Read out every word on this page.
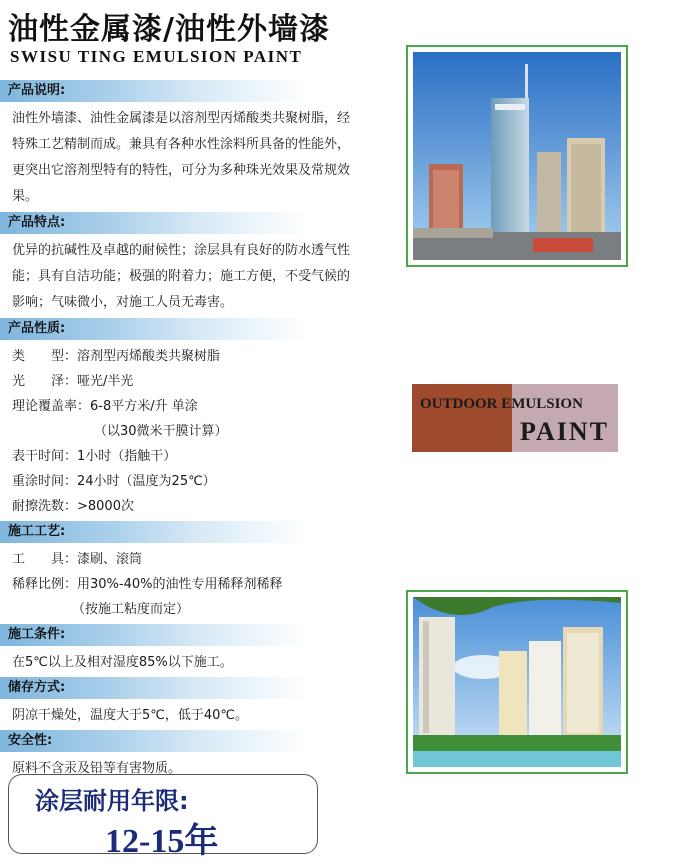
油性金属漆/油性外墙漆
SWISU TING EMULSION PAINT
产品说明:
油性外墙漆、油性金属漆是以溶剂型丙烯酸类共聚树脂，经特殊工艺精制而成。兼具有各种水性涂料所具备的性能外，更突出它溶剂型特有的特性，可分为多种珠光效果及常规效果。
产品特点:
优异的抗碱性及卓越的耐候性；涂层具有良好的防水透气性能；具有自洁功能；极强的附着力；施工方便，不受气候的影响；气味微小，对施工人员无毒害。
产品性质:
类　　型：溶剂型丙烯酸类共聚树脂
光　　泽：哑光/半光
理论覆盖率：6-8平方米/升 单涂
（以30微米干膜计算）
表干时间：1小时（指触干）
重涂时间：24小时（温度为25℃）
耐擦洗数：>8000次
施工工艺:
工　　具：漆刷、滚筒
稀释比例：用30%-40%的油性专用稀释剂稀释
（按施工粘度而定）
施工条件:
在5℃以上及相对湿度85%以下施工。
储存方式:
阴凉干燥处，温度大于5℃，低于40℃。
安全性:
原料不含汞及铅等有害物质。
OUTDOOR EMULSION
PAINT
涂层耐用年限:
12-15年
